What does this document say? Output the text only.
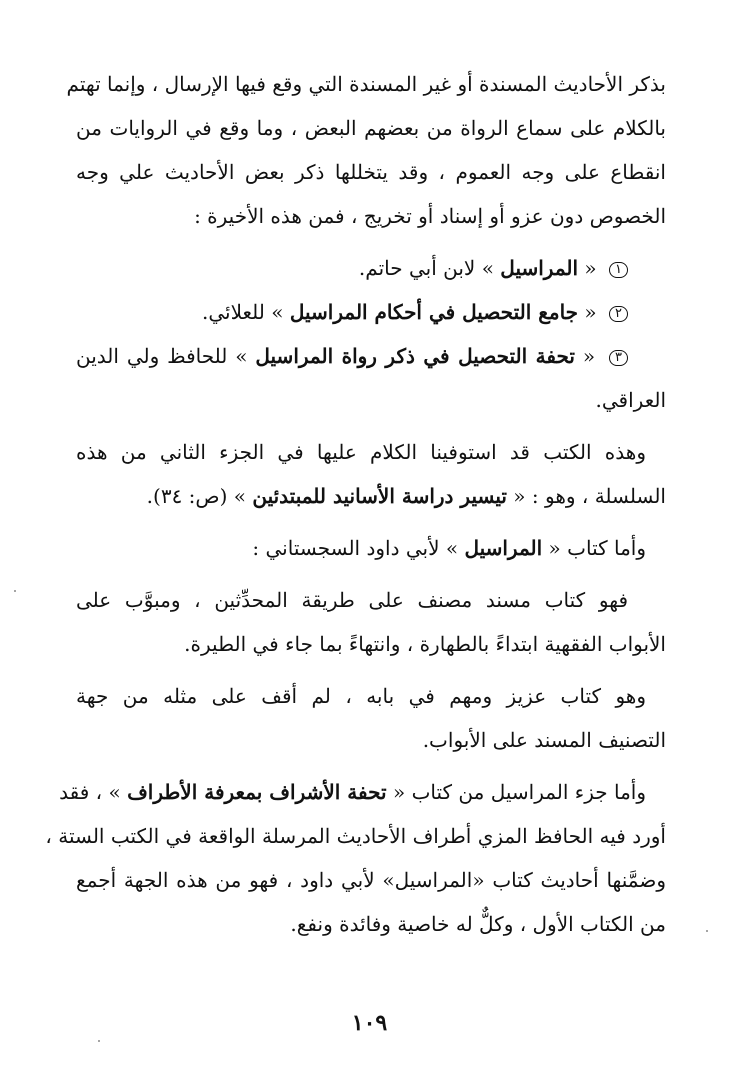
بذكر الأحاديث المسندة أو غير المسندة التي وقع فيها الإرسال ، وإنما تهتم
بالكلام على سماع الرواة من بعضهم البعض ، وما وقع في الروايات من
انقطاع على وجه العموم ، وقد يتخللها ذكر بعض الأحاديث علي وجه
الخصوص دون عزو أو إسناد أو تخريج ، فمن هذه الأخيرة :
١ « المراسيل » لابن أبي حاتم.
٢ « جامع التحصيل في أحكام المراسيل » للعلائي.
٣ « تحفة التحصيل في ذكر رواة المراسيل » للحافظ ولي الدين
العراقي.
وهذه الكتب قد استوفينا الكلام عليها في الجزء الثاني من هذه
السلسلة ، وهو : « تيسير دراسة الأسانيد للمبتدئين » (ص: ٣٤).
وأما كتاب « المراسيل » لأبي داود السجستاني :
فهو كتاب مسند مصنف على طريقة المحدِّثين ، ومبوَّب على
الأبواب الفقهية ابتداءً بالطهارة ، وانتهاءً بما جاء في الطيرة.
وهو كتاب عزيز ومهم في بابه ، لم أقف على مثله من جهة
التصنيف المسند على الأبواب.
وأما جزء المراسيل من كتاب « تحفة الأشراف بمعرفة الأطراف » ، فقد
أورد فيه الحافظ المزي أطراف الأحاديث المرسلة الواقعة في الكتب الستة ،
وضمَّنها أحاديث كتاب «المراسيل» لأبي داود ، فهو من هذه الجهة أجمع
من الكتاب الأول ، وكلٌّ له خاصية وفائدة ونفع.
١٠٩
